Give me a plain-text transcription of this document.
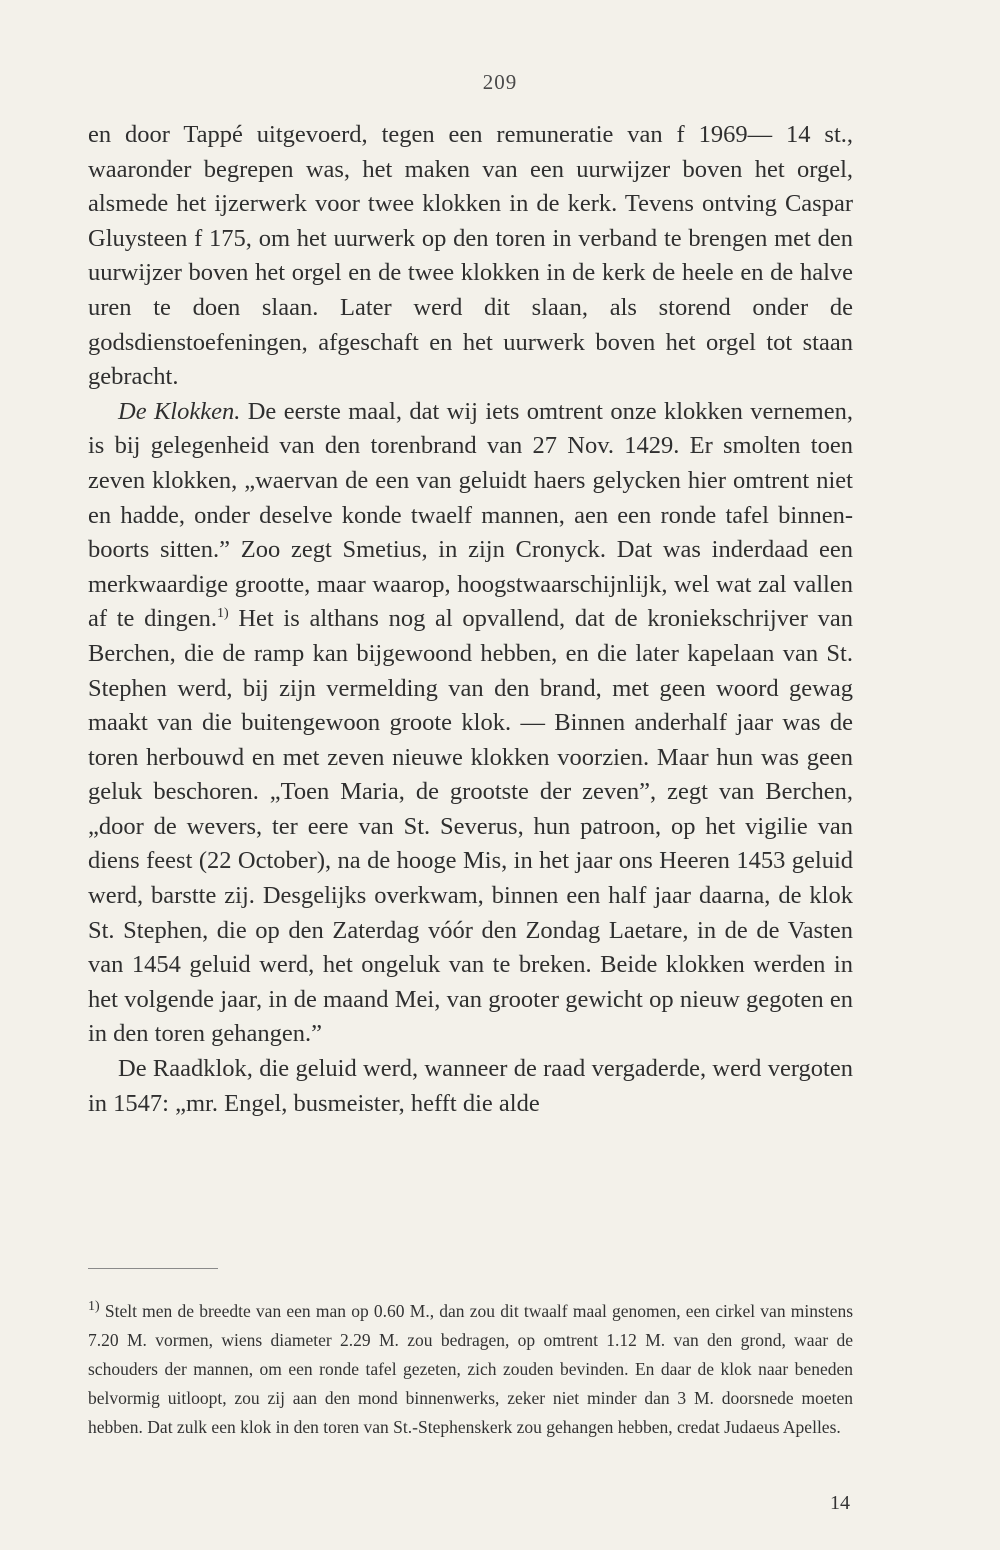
209

en door Tappé uitgevoerd, tegen een remuneratie van f 1969— 14 st., waaronder begrepen was, het maken van een uurwijzer boven het orgel, alsmede het ijzerwerk voor twee klokken in de kerk. Tevens ontving Caspar Gluysteen f 175, om het uurwerk op den toren in verband te brengen met den uurwijzer boven het orgel en de twee klokken in de kerk de heele en de halve uren te doen slaan. Later werd dit slaan, als storend onder de godsdienstoefeningen, afgeschaft en het uurwerk boven het orgel tot staan gebracht.

De Klokken. De eerste maal, dat wij iets omtrent onze klokken vernemen, is bij gelegenheid van den torenbrand van 27 Nov. 1429. Er smolten toen zeven klokken, „waervan de een van geluidt haers gelycken hier omtrent niet en hadde, onder deselve konde twaelf mannen, aen een ronde tafel binnen-boorts sitten.” Zoo zegt Smetius, in zijn Cronyck. Dat was inderdaad een merkwaardige grootte, maar waarop, hoogstwaarschijnlijk, wel wat zal vallen af te dingen.$^{1)}$ Het is althans nog al opvallend, dat de kroniekschrijver van Berchen, die de ramp kan bijgewoond hebben, en die later kapelaan van St. Stephen werd, bij zijn vermelding van den brand, met geen woord gewag maakt van die buitengewoon groote klok. — Binnen anderhalf jaar was de toren herbouwd en met zeven nieuwe klokken voorzien. Maar hun was geen geluk beschoren. „Toen Maria, de grootste der zeven”, zegt van Berchen, „door de wevers, ter eere van St. Severus, hun patroon, op het vigilie van diens feest (22 October), na de hooge Mis, in het jaar ons Heeren 1453 geluid werd, barstte zij. Desgelijks overkwam, binnen een half jaar daarna, de klok St. Stephen, die op den Zaterdag vóór den Zondag Laetare, in de de Vasten van 1454 geluid werd, het ongeluk van te breken. Beide klokken werden in het volgende jaar, in de maand Mei, van grooter gewicht op nieuw gegoten en in den toren gehangen.”

De Raadklok, die geluid werd, wanneer de raad vergaderde, werd vergoten in 1547: „mr. Engel, busmeister, hefft die alde

$^{1)}$ Stelt men de breedte van een man op 0.60 M., dan zou dit twaalf maal genomen, een cirkel van minstens 7.20 M. vormen, wiens diameter 2.29 M. zou bedragen, op omtrent 1.12 M. van den grond, waar de schouders der mannen, om een ronde tafel gezeten, zich zouden bevinden. En daar de klok naar beneden belvormig uitloopt, zou zij aan den mond binnenwerks, zeker niet minder dan 3 M. doorsnede moeten hebben. Dat zulk een klok in den toren van St.-Stephenskerk zou gehangen hebben, credat Judaeus Apelles.

14
